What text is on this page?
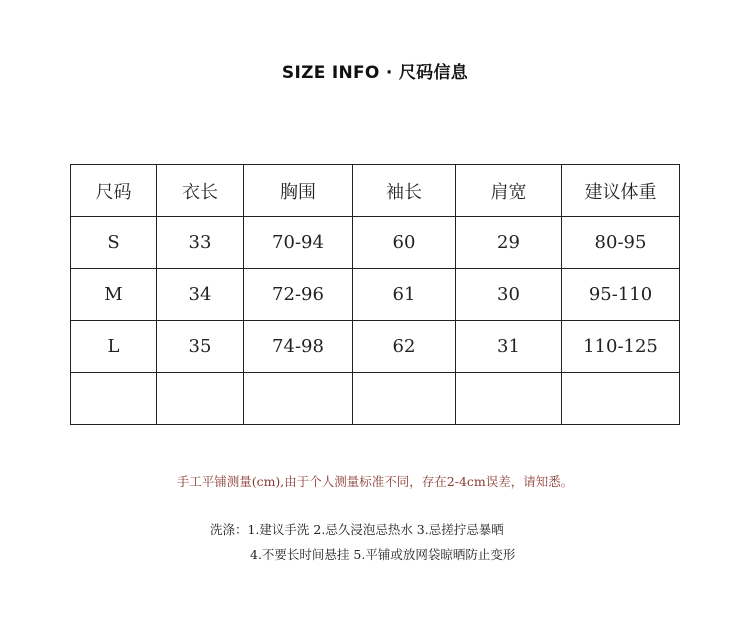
SIZE INFO · 尺码信息
尺码	衣长	胸围	袖长	肩宽	建议体重
S	33	70-94	60	29	80-95
M	34	72-96	61	30	95-110
L	35	74-98	62	31	110-125

手工平铺测量(cm),由于个人测量标准不同，存在2-4cm误差，请知悉。
洗涤：1.建议手洗 2.忌久浸泡忌热水 3.忌搓拧忌暴晒
4.不要长时间悬挂 5.平铺或放网袋晾晒防止变形
